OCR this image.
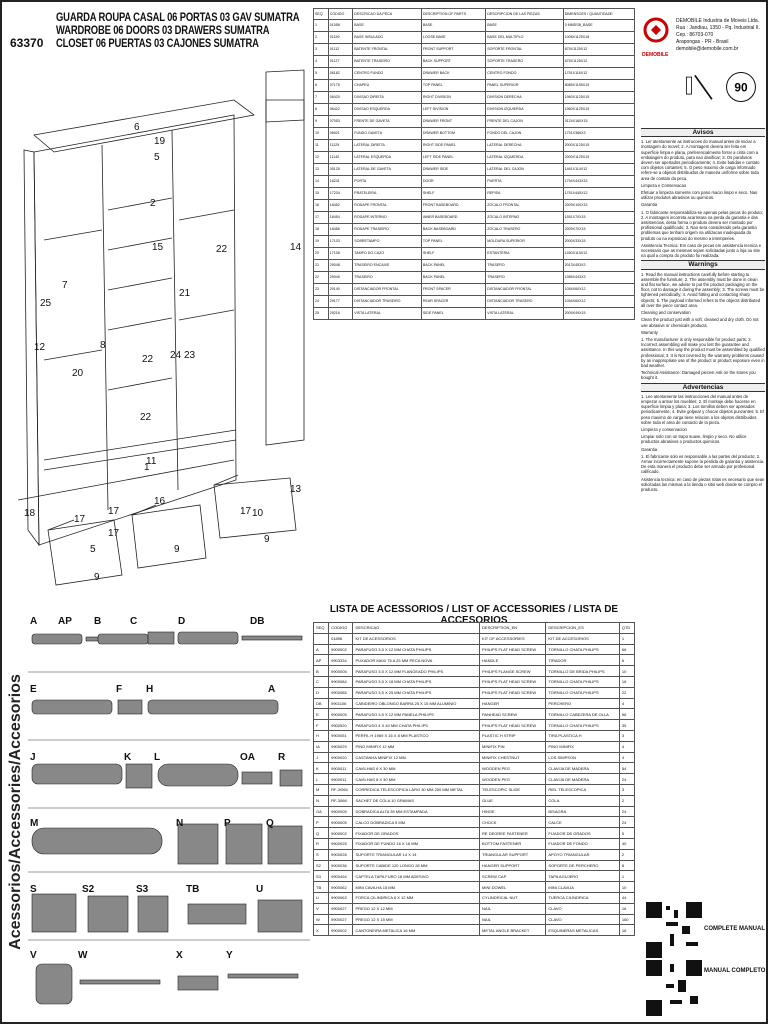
63370
GUARDA ROUPA CASAL 06 PORTAS 03 GAV SUMATRA
WARDROBE 06 DOORS 03 DRAWERS SUMATRA
CLOSET 06 PUERTAS 03 CAJONES SUMATRA
6
19
5
2
15	14
22
21
7
12
22
8
24 23
20
22
11
13
10
18
17
16
9
5	9
17
17
9
17
1
25
SEQ	CODIGO	DESCRICAO DA PECA	DESCRIPTION OF PARTS	DESCRIPCION DE LAS PIEZAS	DIMENSOES / QUANTIDADE
1	01058	BASE	BASE	BASE	0 MMDSB_BASE
2	01159	BASE INSULADO	LOOSE BASE	BASE DEL MULTIPLO	1008X1125X18
3	01112	BATENTE FRONTAL	FRONT SUPPORT	SOPORTE FRONTAL	675X1125X12
4	01127	BATENTE TRASEIRO	BACK SUPPORT	SOPORTE TRASERO	675X1125X12
5	06182	CENTRO FUNDO	DRAWER BACK	CENTRO FONDO	1751X116X12
6	07175	CHAPEU	TOP PANEL	PANEL SUPERIOR	8085X1195X15
7	06420	DIVISAO DIREITA	RIGHT DIVISION	DIVISION DERECHA	1960X1125X15
8	06422	DIVISAO ESQUERDA	LEFT DIVISION	DIVISION IZQUIERDA	1960X1125X15
9	07053	FRENTE DE GAVETA	DRAWER FRONT	FRENTE DEL CAJON	0124X160X15
10	06521	FUNDO GAVETA	DRAWER BOTTOM	FONDO DEL CAJON	1751X366X3
11	11129	LATERAL DIREITA	RIGHT SIDE PANEL	LATERAL DERECHA	2000X1125X15
12	11140	LATERAL ESQUERDA	LEFT SIDE PANEL	LATERAL IZQUIERDA	2000X1125X15
13	05125	LATERAL DE GAVETA	DRAWER SIDE	LATERAL DEL CAJON	1461X114X12
14	16241	PORTA	DOOR	PUERTA	1754X443X15
15	17234	PRATELEIRA	SHELF	REPISA	1751X445X12
16	18452	RODAPE FRONTAL	FRONT BASEBOARD	ZOCALO FRONTAL	2009X100X15
17	18454	RODAPE INTERNO	INNER BASEBOARD	ZOCALO INTERNO	1551X70X15
18	18456	RODAPE TRASEIRO	BACK BASEBOARD	ZOCALO TRASERO	2009X70X15
19	17103	SOBRETAMPO	TOP PANEL	MOLDURA SUPERIOR	2000X33X15
20	17108	TAMPO DO CAZO	SHELF	ESTANTERIA	1450X115X12
21	29048	TRASEIRO ENCAIXE	BACK PANEL	TRASERO	2013X453X3
22	29049	TRASEIRO	BACK PANEL	TRASERO	1985X443X3
23	29140	DISTANCIADOR FRONTAL	FRONT SPACER	DISTANCIADOR FRONTAL	1054X60X12
24	29177	DISTANCIADOR TRASEIRO	REAR SPACER	DISTANCIADOR TRASERO	1054X60X12
25	29216	VISTA LATERAL	SIDE PANEL	VISTA LATERAL	2009X49X15
DEMOBILE Industria de Moveis Ltda.
Rua : Jandiau, 1350 - Pq. Industrial II.
Cep.: 86703-070
Arapongas - PR - Brasil
demobile@demobile.com.br
DEMOBILE
90
Avisos

1. Ler atentamente as instrucoes do manual antes de iniciar a montagem do movel; 2. A montagem devera ser feita em superficie limpa e plana, preferencialmente forrar a cinta com a embalagem do produto, para nao danificar; 3. Os parafusos devem ser apertados periodicamente; 4. Evite batidas e contato com objetos cortantes; 5. O peso maximo de carga informado refere-se a objetos distribuidos de maneira uniforme sobre toda area de contato da peca.

Limpeza e Conservacao

Efetuar a limpeza somente com pano macio limpo e seco. Nao utilizar produtos abrasivos ou quimicos.

Garantia

1. O fabricante responsabiliza-se apenas pelas pecas do produto; 2. A montagem incorreta acarretara na perda da garantia e das assistencias, desta forma o produto devera ser montado por profissional qualificado; 3. Nao sera considerado pela garantia problemas que tenham origem na utilizacao inadequada do produto ou na exposicao do mesmo a intemperies.

Assistencia Tecnica: Em caso de pecas em assistencia tecnica e necessario que as mesmas sejam solicitadas junto a loja ou site na qual a compra do produto foi realizada.

Warnings

1. Read the manual instructions carefully before starting to assemble the furniture; 2. The assembly must be done in clean and flat surface, we advise to put the product packaging on the floor, not to damage it during the assembly; 3. The screws must be tightened periodically; 4. Avoid hitting and contacting sharp objects; 5. The payload informed refers to the objects distributed all over the piece contact area.

Cleaning and conservation

Clean the product just with a soft, cleaned and dry cloth. Do not use abrasive or chemicals products.

Warranty

1. The manufacturer is only responsible for product parts; 2. Incorrect assembling will make you lost the guarantee and assistance. In this way the product must be assembled by qualified professional; 3. It is Not covered by the warranty problems caused by an inappropriate use of the product or product exposure even in bad weather.

Technical Assistance: Damaged pieces! Ask on the stores you bought it.

Advertencias

1. Lee atentamente las instrucciones del manual antes de empezar a armar los muebles; 2. El montaje debe hacerse en superficie limpia y plana; 3. Los tornillos deben ser apretados periodicamente; 4. Evite golpear y chocar objetos punzantes; 5. El peso maximo de carga tiene relacion a los objetos distribuidos sobre toda el area de contacto de la pieza.

Limpieza y conservacion

Limpiar solo con un trapo suave, limpio y seco. No utilice productos abrasivos o productos quimicos.

Garantia

1. El fabricante solo es responsable a las partes del producto; 2. Armar incorrectamente supone la perdida de garantia y asistencia. De esta manera el producto debe ser armado por profesional calificado.

Asistencia tecnica: en caso de piezas rotas es necesario que sean solicitadas las mismas a la tienda o sitio web donde se compro el producto.

Acessorios/Accessories/Accesorios
A AP B	C	D	DB
E	F H	A
J	K L	OA R
M	N	P	Q
S	S2	S3	TB	U
V	W	X	Y
LISTA DE ACESSORIOS / LIST OF ACCESSORIES / LISTA DE ACCESORIOS
SEQ	CODIGO	DESCRICAO	DESCRIPTION_EN	DESCRIPCION_ES	QTD
	01896	KIT DE ACESSORIOS	KIT OF ACCESSORIES	KIT DE ACCESORIOS	1
A	9900002	PARAFUSO 3,5 X 12 MM CHATA PHILIPS	PHILIPS FLAT HEAD SCREW	TORNILLO CHATA PHILIPS	66
AP	9903334	PUXADOR MAXI 75 A 25 MM PECA NOVA	HANDLE	TIRADOR	6
B	9900005	PARAFUSO 3,5 X 12 MM FLANGEADO PHILIPS	PHILIPS FLANGE SCREW	TORNILLO DE BRIDA PHILIPS	10
C	9900084	PARAFUSO 3,5 X 16 MM CHATA PHILIPS	PHILIPS FLAT HEAD SCREW	TORNILLO CHATA PHILIPS	16
D	9900085	PARAFUSO 3,5 X 25 MM CHATA PHILIPS	PHILIPS FLAT HEAD SCREW	TORNILLO CHATA PHILIPS	22
DB	9901106	CABIDEIRO OBLONGO BARRA 25 X 15 MM ALUMINIO	HANGER	PERCHERO	4
E	9900005	PARAFUSO 3,5 X 12 MM PANELA PHILIPS	PANHEAD SCREW	TORNILLO CABEZERA DE OLLA	96
F	9900520	PARAFUSO 4 X 40 MM CHATA PHILIPS	PHILIPS FLAT HEAD SCREW	TORNILLO CHATA PHILIPS	35
H	9900051	PERFIL H 1969 X 16 X 8 MM PLASTICO	PLASTIC H STRIP	TIRA PLASTICA H	3
IA	9900029	PINO MINIFIX 12 MM	MINIFIX PIN	PINO MINIFIX	4
J	9900020	CASTANHA MINIFIX 12 MM	MINIFIX CHESTNUT	LOS SIMPSON	4
K	9900011	CAVILHAS 6 X 30 MM	WOODEN PEG	CLAVIJA DE MADERA	54
L	9900011	CAVILHAS 8 X 30 MM	WOODEN PEG	CLAVIJA DE MADERA	24
M	RF-3/064	CORREDICA TELESCOPICA LARG 30 MM 250 MM METAL	TELESCOPIC SLIDE	RIEL TELESCOPICA	3
N	RF-3066	SACHET DE COLA 10 GRAMAS	GLUE	COLA	2
OA	9900005	DOBRADICA ALTA 35 MM ESTAMPADA	HINGE	BISAGRA	24
P	9900005	CALCO DOBRADICA 5 MM	CHOCK	CALCE	24
Q	9900002	FIXADOR DE GRADOS	RE DEGREE FASTENER	FIJADOR DE GRADOS	5
R	9900025	FIXADOR DE FUNDO 16 X 16 MM	BOTTOM FASTENER	FIJADOR DE FONDO	40
S	9900028	SUPORTE TRIANGULAR 14 X 14	TRIANGULAR SUPPORT	APOYO TRIANGULAR	2
S2	9900036	SUPORTE CABIDE 120 LONGO 28 MM	HANGER SUPPORT	SOPORTE DE PERCHERO	8
S3	9900494	CAPTELA TAPA FURO 18 MM ADESIVO	SCREW CAP	TAPA AGUJERO	1
TB	9900062	MINI CAVILHA 15 MM	MINI DOWEL	MINI CLAVIJA	10
U	9900063	FORCA CILINDRICA 6 X 12 MM	CYLINDRICAL NUT	TUERCA CILINDRICA	44
V	9900027	PREGO 12 X 12 MM	NAIL	CLAVO	16
W	9900027	PREGO 12 X 15 MM	NAIL	CLAVO	160
X	9900002	CANTONEIRA METALICA 16 MM	METAL ANGLE BRACKET	ESQUINERAS METALICAS	16	COMPLETE MANUAL
MANUAL COMPLETO
